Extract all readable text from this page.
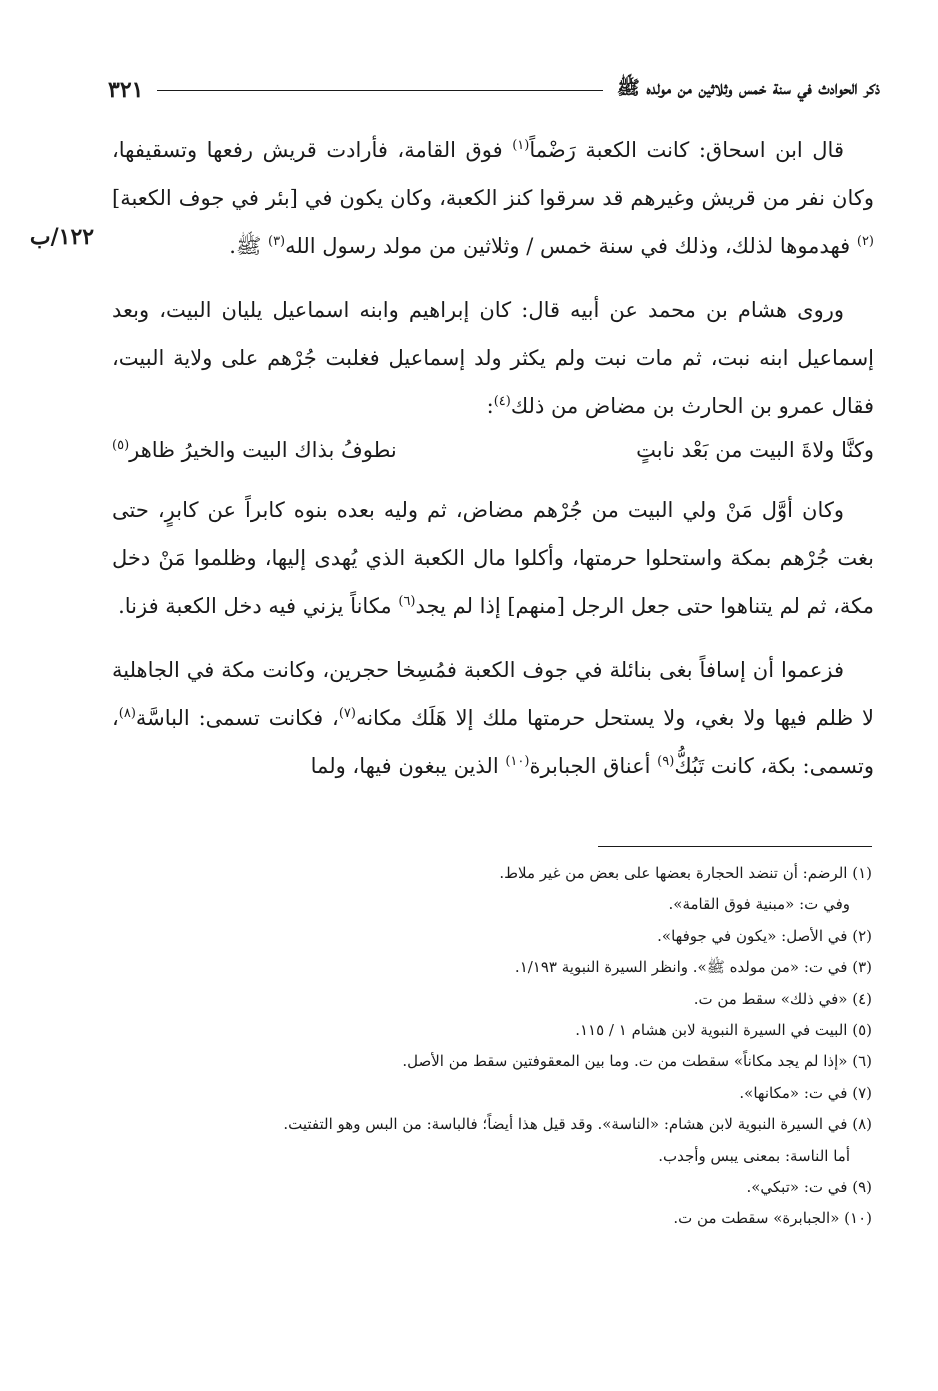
ذكر الحوادث في سنة خمس وثلاثين من مولده ﷺ
٣٢١
١٢٢/ب

قال ابن اسحاق: كانت الكعبة رَضْماً$^{(١)}$ فوق القامة، فأرادت قريش رفعها وتسقيفها، وكان نفر من قريش وغيرهم قد سرقوا كنز الكعبة، وكان يكون في [بئر في جوف الكعبة] $^{(٢)}$ فهدموها لذلك، وذلك في سنة خمس / وثلاثين من مولد رسول الله$^{(٣)}$ ﷺ.

وروى هشام بن محمد عن أبيه قال: كان إبراهيم وابنه اسماعيل يليان البيت، وبعد إسماعيل ابنه نبت، ثم مات نبت ولم يكثر ولد إسماعيل فغلبت جُرْهم على ولاية البيت، فقال عمرو بن الحارث بن مضاض من ذلك$^{(٤)}$:

وكنَّا ولاةَ البيت من بَعْد نابتٍ
نطوفُ بذاك البيت والخيرُ ظاهر$^{(٥)}$

وكان أوَّل مَنْ ولي البيت من جُرْهم مضاض، ثم وليه بعده بنوه كابراً عن كابرٍ، حتى بغت جُرْهم بمكة واستحلوا حرمتها، وأكلوا مال الكعبة الذي يُهدى إليها، وظلموا مَنْ دخل مكة، ثم لم يتناهوا حتى جعل الرجل [منهم] إذا لم يجد$^{(٦)}$ مكاناً يزني فيه دخل الكعبة فزنا.

فزعموا أن إسافاً بغى بنائلة في جوف الكعبة فمُسِخا حجرين، وكانت مكة في الجاهلية لا ظلم فيها ولا بغي، ولا يستحل حرمتها ملك إلا هَلَك مكانه$^{(٧)}$، فكانت تسمى: الباسَّة$^{(٨)}$، وتسمى: بكة، كانت تَبُكُّ$^{(٩)}$ أعناق الجبابرة$^{(١٠)}$ الذين يبغون فيها، ولما

(١) الرضم: أن تنضد الحجارة بعضها على بعض من غير ملاط.
وفي ت: «مبنية فوق القامة».
(٢) في الأصل: «يكون في جوفها».
(٣) في ت: «من مولده ﷺ». وانظر السيرة النبوية ١/١٩٣.
(٤) «في ذلك» سقط من ت.
(٥) البيت في السيرة النبوية لابن هشام ١ / ١١٥.
(٦) «إذا لم يجد مكاناً» سقطت من ت. وما بين المعقوفتين سقط من الأصل.
(٧) في ت: «مكانها».
(٨) في السيرة النبوية لابن هشام: «الناسة». وقد قيل هذا أيضاً؛ فالباسة: من البس وهو التفتيت.
أما الناسة: بمعنى يبس وأجدب.
(٩) في ت: «تبكي».
(١٠) «الجبابرة» سقطت من ت.
